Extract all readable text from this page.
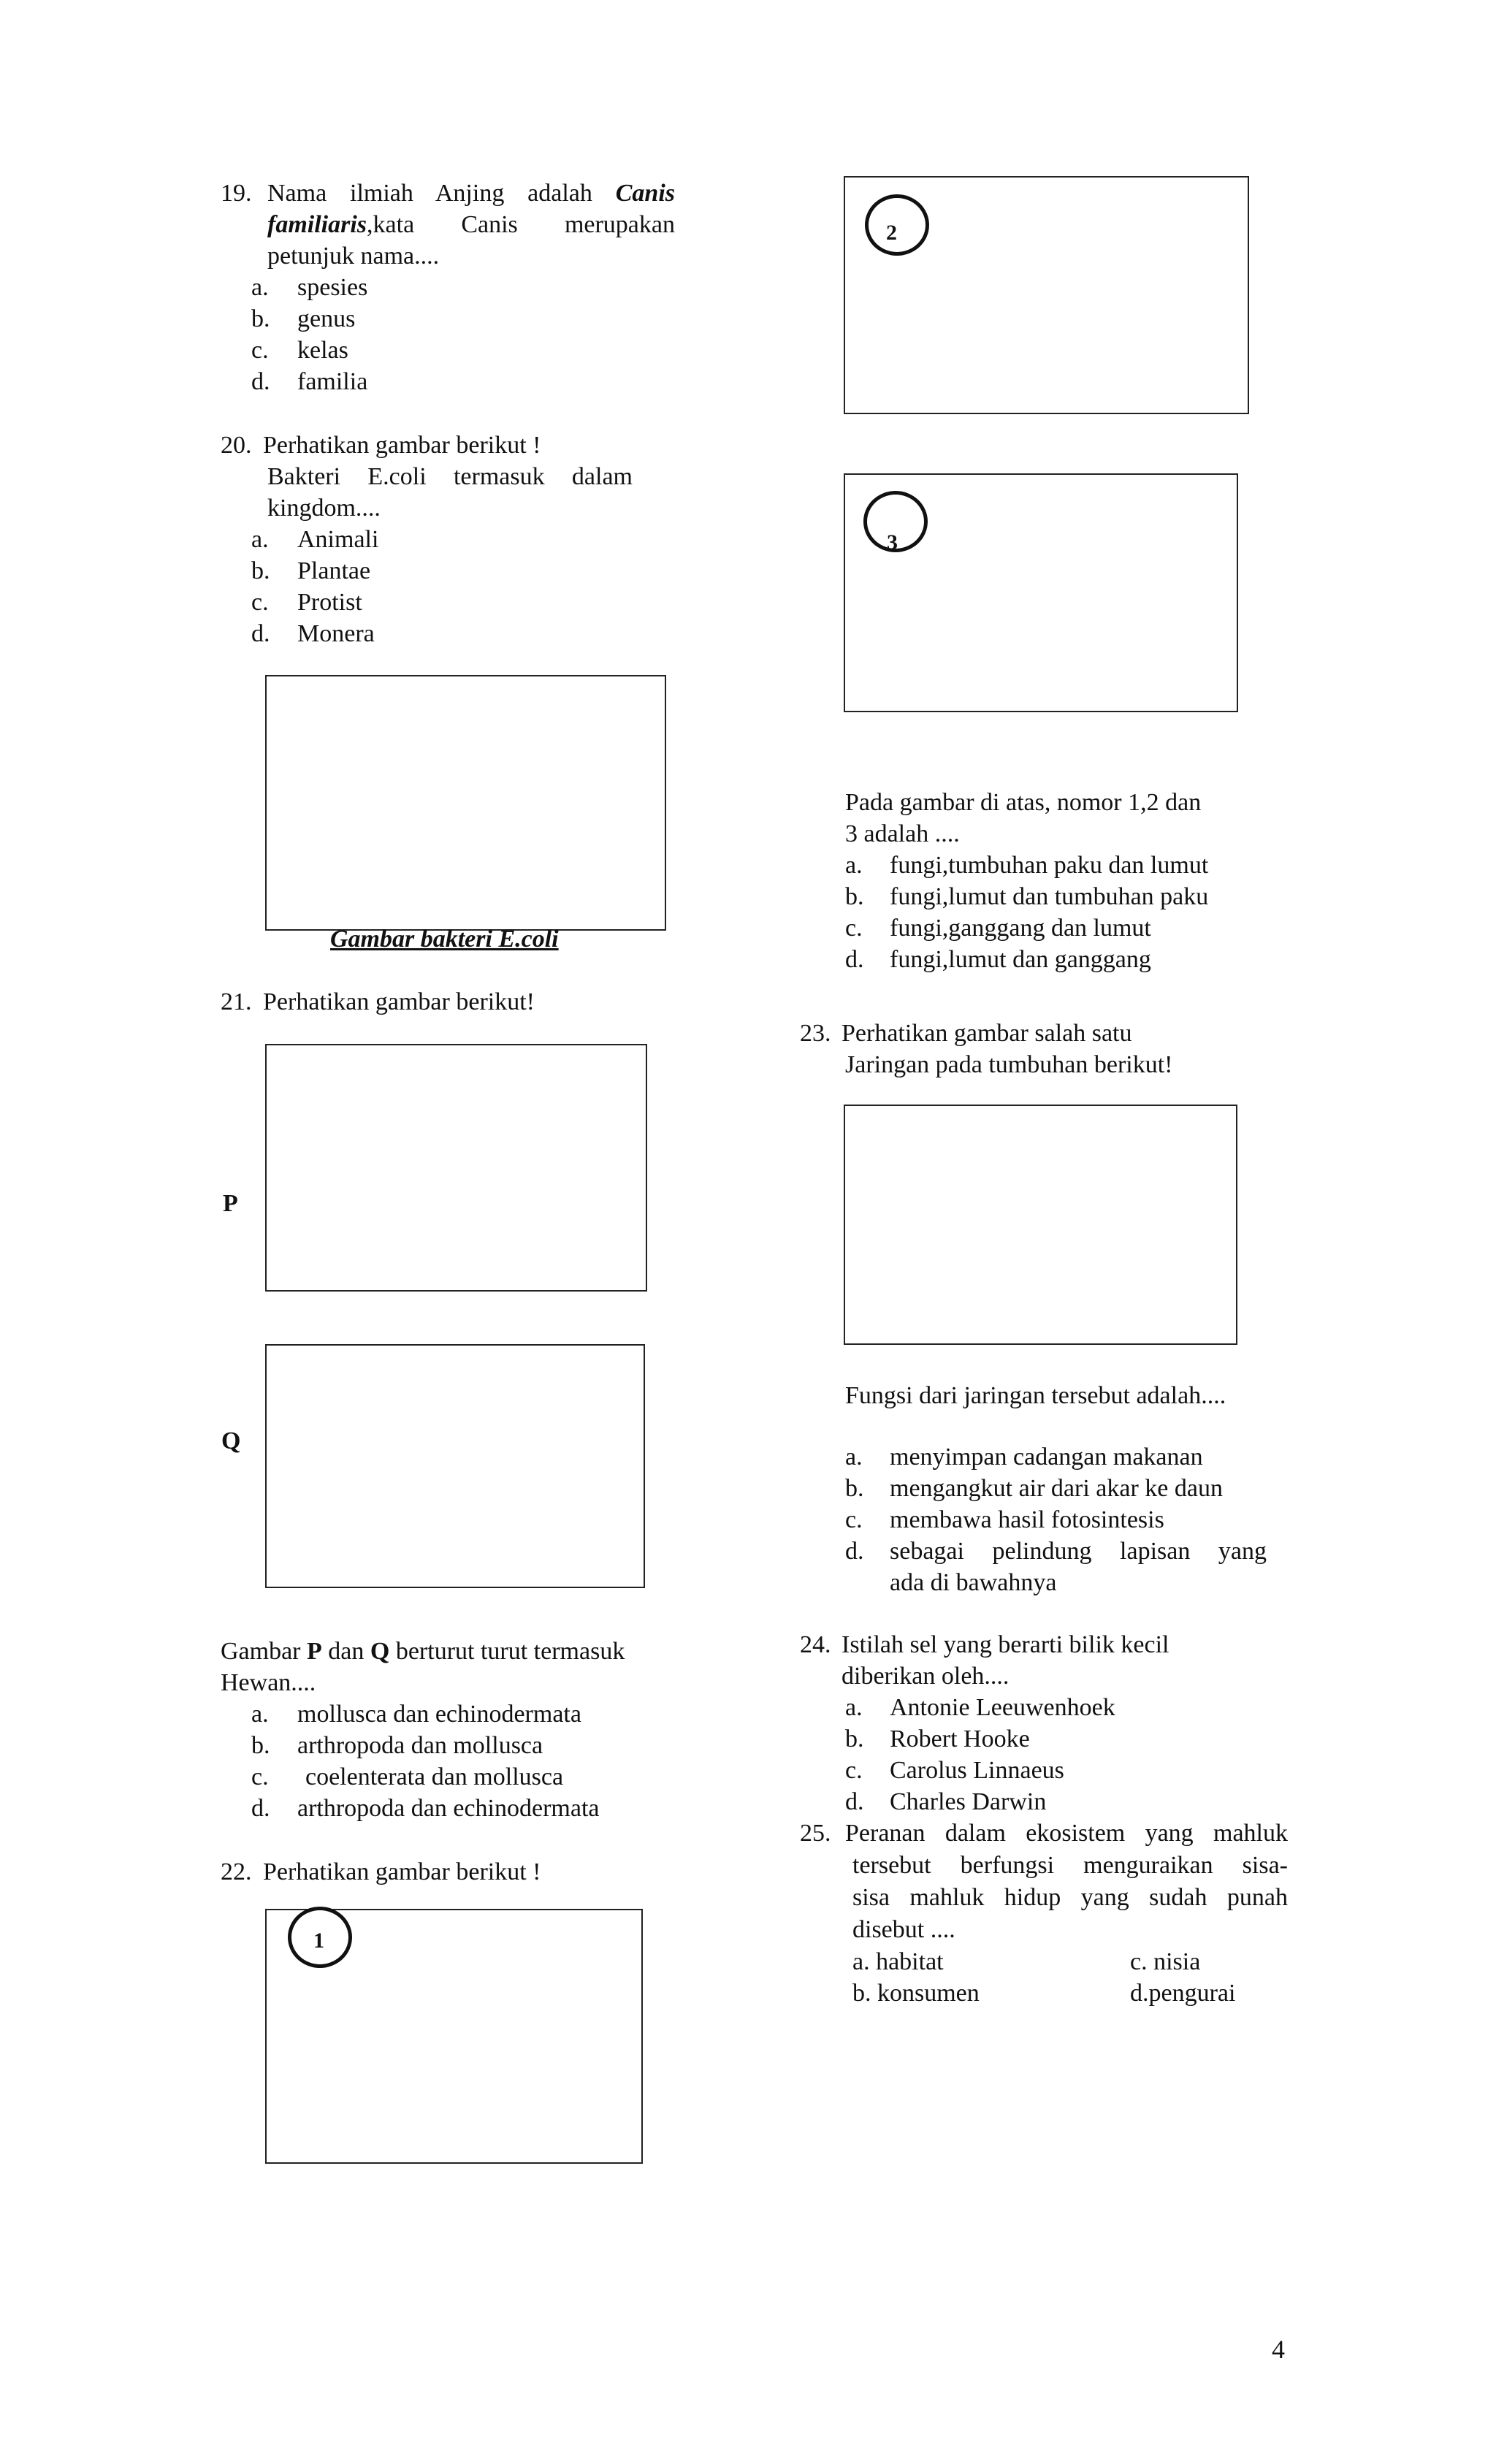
19. Nama ilmiah Anjing adalah Canis
familiaris,kata Canis merupakan
petunjuk nama....
a. spesies
b. genus
c. kelas
d. familia
20. Perhatikan gambar berikut !
Bakteri E.coli termasuk dalam
kingdom....
a. Animali
b. Plantae
c. Protist
d. Monera
Gambar bakteri E.coli
21. Perhatikan gambar berikut!
P
Q
Gambar P dan Q berturut turut termasuk
Hewan....
a. mollusca dan echinodermata
b. arthropoda dan mollusca
c. coelenterata dan mollusca
d. arthropoda dan echinodermata
22. Perhatikan gambar berikut !
1
2
3
Pada gambar di atas, nomor 1,2 dan
3 adalah ....
a. fungi,tumbuhan paku dan lumut
b. fungi,lumut dan tumbuhan paku
c. fungi,ganggang dan lumut
d. fungi,lumut dan ganggang
23. Perhatikan gambar salah satu
Jaringan pada tumbuhan berikut!
Fungsi dari jaringan tersebut adalah....
a. menyimpan cadangan makanan
b. mengangkut air dari akar ke daun
c. membawa hasil fotosintesis
d. sebagai pelindung lapisan yang
ada di bawahnya
24. Istilah sel yang berarti bilik kecil
diberikan oleh....
a. Antonie Leeuwenhoek
b. Robert Hooke
c. Carolus Linnaeus
d. Charles Darwin
25. Peranan dalam ekosistem yang mahluk
tersebut berfungsi menguraikan sisa-
sisa mahluk hidup yang sudah punah
disebut ....
a. habitat	c. nisia
b. konsumen	d.pengurai
4
